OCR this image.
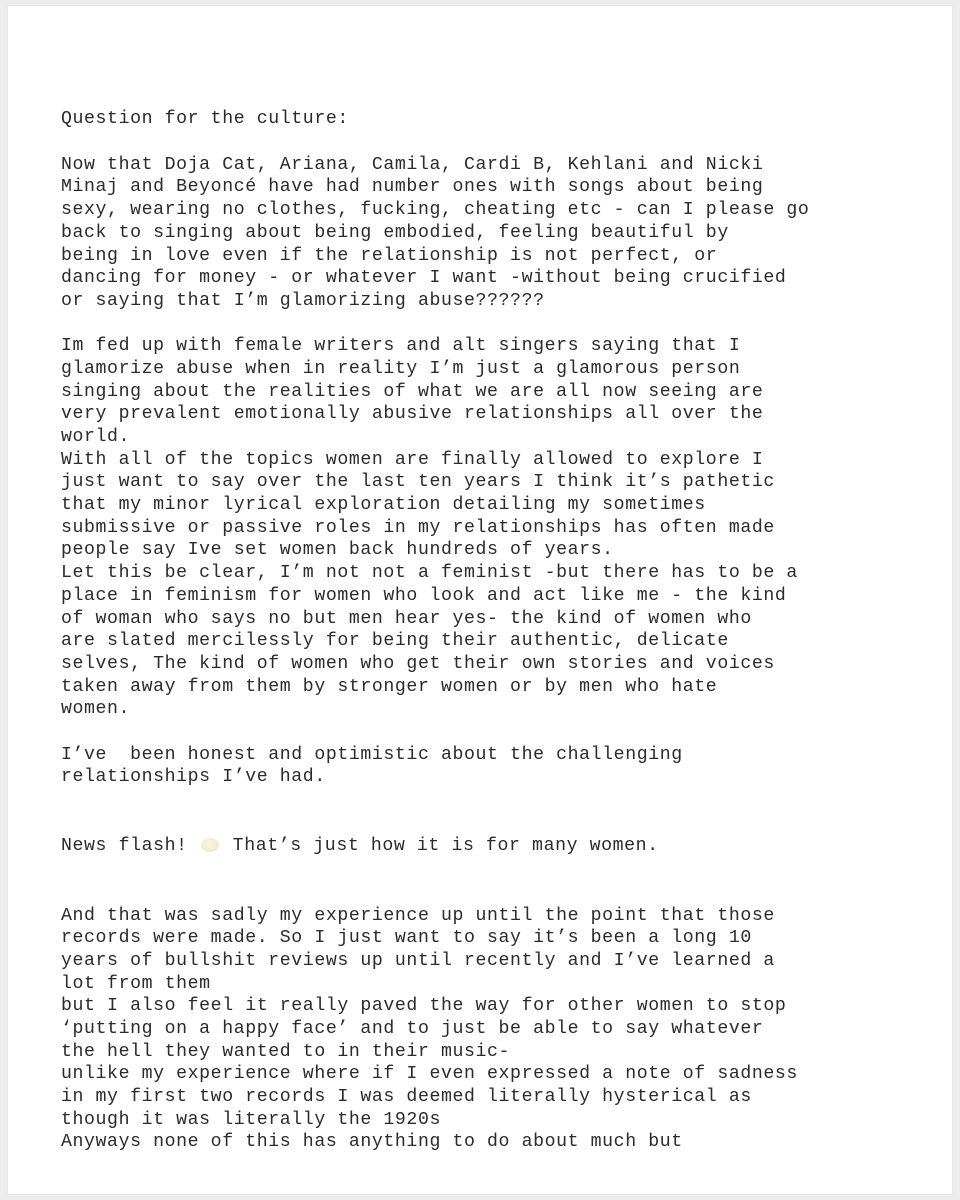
Question for the culture:
Now that Doja Cat, Ariana, Camila, Cardi B, Kehlani and Nicki
Minaj and Beyoncé have had number ones with songs about being
sexy, wearing no clothes, fucking, cheating etc - can I please go
back to singing about being embodied, feeling beautiful by
being in love even if the relationship is not perfect, or
dancing for money - or whatever I want -without being crucified
or saying that I’m glamorizing abuse??????
Im fed up with female writers and alt singers saying that I
glamorize abuse when in reality I’m just a glamorous person
singing about the realities of what we are all now seeing are
very prevalent emotionally abusive relationships all over the
world.
With all of the topics women are finally allowed to explore I
just want to say over the last ten years I think it’s pathetic
that my minor lyrical exploration detailing my sometimes
submissive or passive roles in my relationships has often made
people say Ive set women back hundreds of years.
Let this be clear, I’m not not a feminist -but there has to be a
place in feminism for women who look and act like me - the kind
of woman who says no but men hear yes- the kind of women who
are slated mercilessly for being their authentic, delicate
selves, The kind of women who get their own stories and voices
taken away from them by stronger women or by men who hate
women.
I’ve  been honest and optimistic about the challenging
relationships I’ve had.

News flash!  That’s just how it is for many women.

And that was sadly my experience up until the point that those
records were made. So I just want to say it’s been a long 10
years of bullshit reviews up until recently and I’ve learned a
lot from them
but I also feel it really paved the way for other women to stop
‘putting on a happy face’ and to just be able to say whatever
the hell they wanted to in their music-
unlike my experience where if I even expressed a note of sadness
in my first two records I was deemed literally hysterical as
though it was literally the 1920s
Anyways none of this has anything to do about much but
